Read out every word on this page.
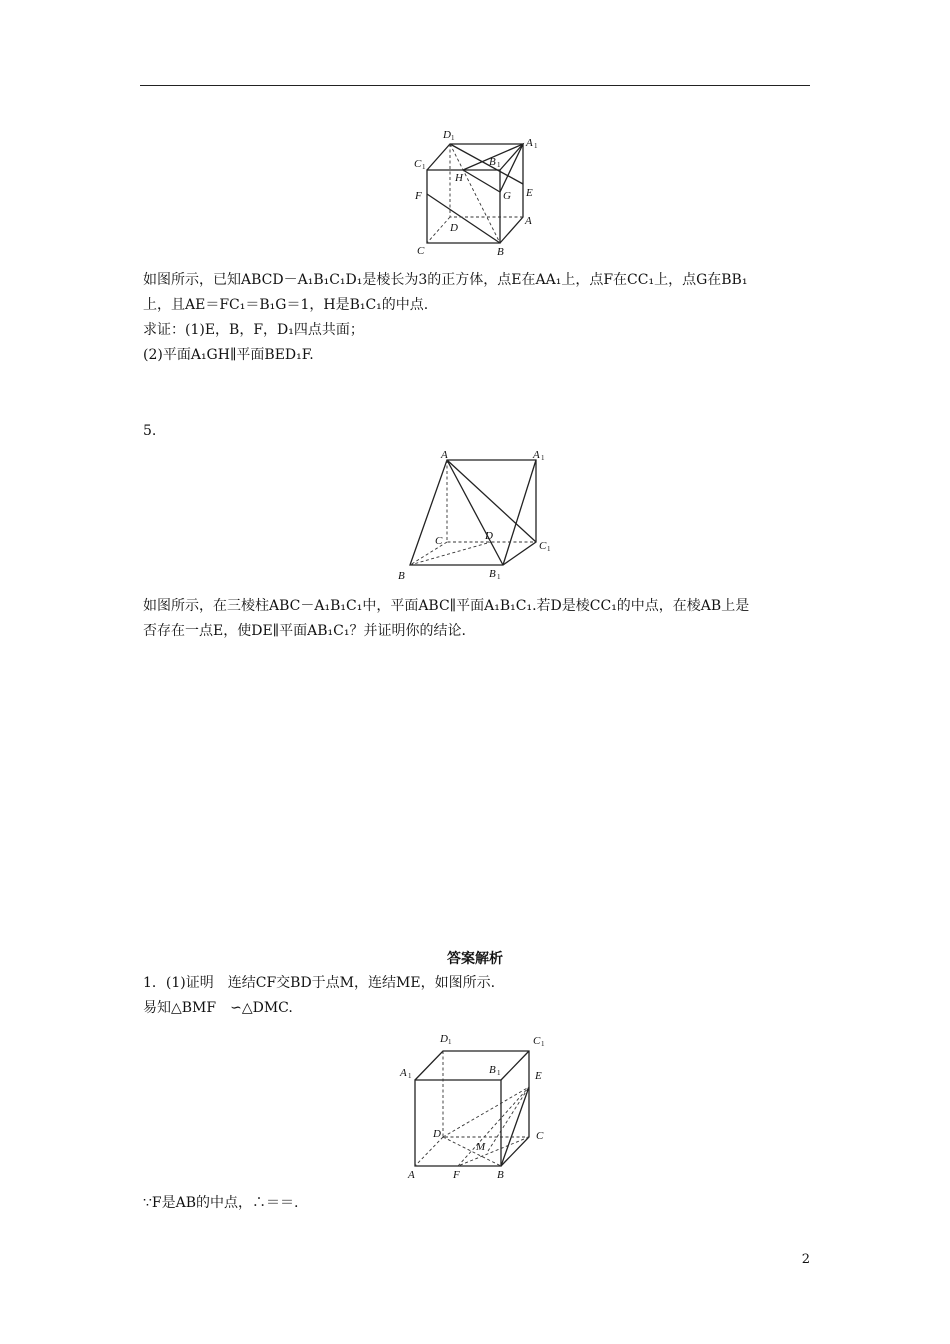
D 1	A 1
C 1	B 1
H
E
F	G
D
A
C	B
如图所示，已知ABCD－A₁B₁C₁D₁是棱长为3的正方体，点E在AA₁上，点F在CC₁上，点G在BB₁
上，且AE＝FC₁＝B₁G＝1，H是B₁C₁的中点.
求证：(1)E，B，F，D₁四点共面；
(2)平面A₁GH∥平面BED₁F.
5.
A	A 1
C	D
C 1
B	B 1
如图所示，在三棱柱ABC－A₁B₁C₁中，平面ABC∥平面A₁B₁C₁.若D是棱CC₁的中点，在棱AB上是
否存在一点E，使DE∥平面AB₁C₁？并证明你的结论.
答案解析
1．(1)证明　连结CF交BD于点M，连结ME，如图所示.
易知△BMF　∽△DMC.
D 1	C 1
A 1	B 1	E
D
M
C
A	F	B
∵F是AB的中点，∴＝＝.
2
